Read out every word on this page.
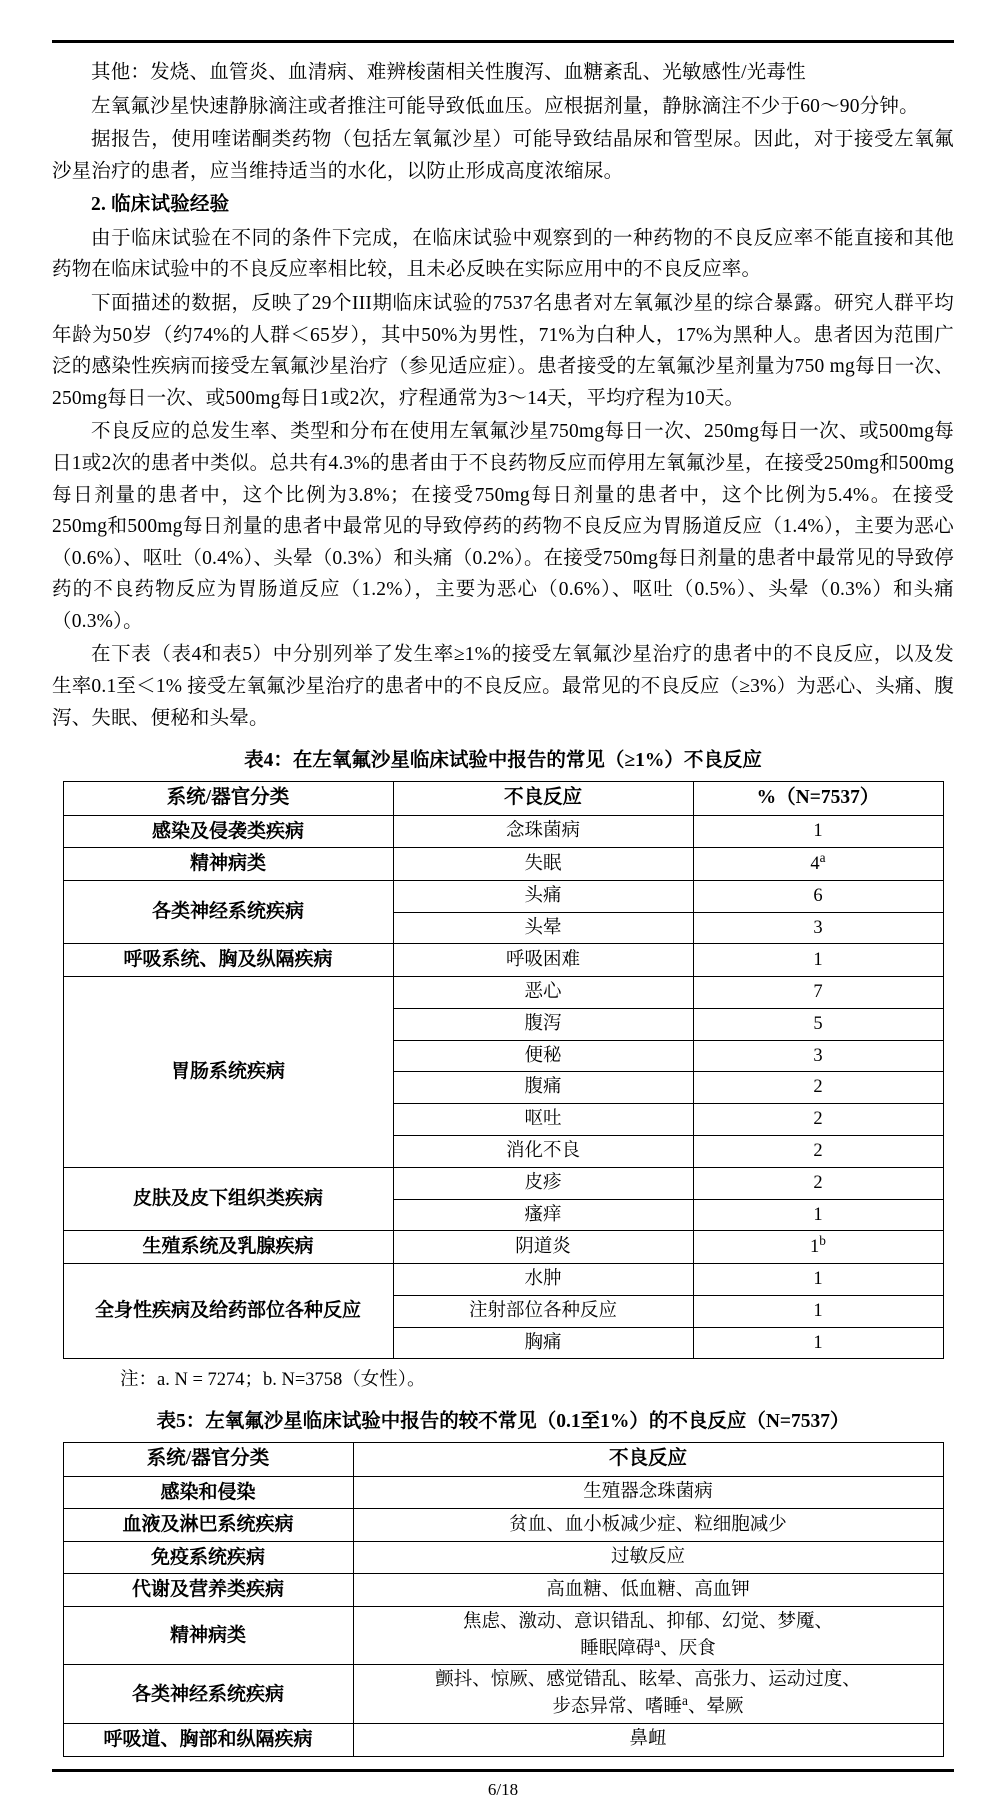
其他：发烧、血管炎、血清病、难辨梭菌相关性腹泻、血糖紊乱、光敏感性/光毒性

左氧氟沙星快速静脉滴注或者推注可能导致低血压。应根据剂量，静脉滴注不少于60～90分钟。

据报告，使用喹诺酮类药物（包括左氧氟沙星）可能导致结晶尿和管型尿。因此，对于接受左氧氟沙星治疗的患者，应当维持适当的水化，以防止形成高度浓缩尿。

2. 临床试验经验

由于临床试验在不同的条件下完成，在临床试验中观察到的一种药物的不良反应率不能直接和其他药物在临床试验中的不良反应率相比较，且未必反映在实际应用中的不良反应率。

下面描述的数据，反映了29个III期临床试验的7537名患者对左氧氟沙星的综合暴露。研究人群平均年龄为50岁（约74%的人群＜65岁），其中50%为男性，71%为白种人，17%为黑种人。患者因为范围广泛的感染性疾病而接受左氧氟沙星治疗（参见适应症）。患者接受的左氧氟沙星剂量为750 mg每日一次、250mg每日一次、或500mg每日1或2次，疗程通常为3～14天，平均疗程为10天。

不良反应的总发生率、类型和分布在使用左氧氟沙星750mg每日一次、250mg每日一次、或500mg每日1或2次的患者中类似。总共有4.3%的患者由于不良药物反应而停用左氧氟沙星，在接受250mg和500mg每日剂量的患者中，这个比例为3.8%；在接受750mg每日剂量的患者中，这个比例为5.4%。在接受250mg和500mg每日剂量的患者中最常见的导致停药的药物不良反应为胃肠道反应（1.4%），主要为恶心（0.6%）、呕吐（0.4%）、头晕（0.3%）和头痛（0.2%）。在接受750mg每日剂量的患者中最常见的导致停药的不良药物反应为胃肠道反应（1.2%），主要为恶心（0.6%）、呕吐（0.5%）、头晕（0.3%）和头痛（0.3%）。

在下表（表4和表5）中分别列举了发生率≥1%的接受左氧氟沙星治疗的患者中的不良反应，以及发生率0.1至＜1% 接受左氧氟沙星治疗的患者中的不良反应。最常见的不良反应（≥3%）为恶心、头痛、腹泻、失眠、便秘和头晕。

表4：在左氧氟沙星临床试验中报告的常见（≥1%）不良反应
系统/器官分类	不良反应	%（N=7537）
感染及侵袭类疾病	念珠菌病	1
精神病类	失眠	4$^a$
各类神经系统疾病	头痛	6
	头晕	3
呼吸系统、胸及纵隔疾病	呼吸困难	1
胃肠系统疾病	恶心	7
	腹泻	5
	便秘	3
	腹痛	2
	呕吐	2
	消化不良	2
皮肤及皮下组织类疾病	皮疹	2
	瘙痒	1
生殖系统及乳腺疾病	阴道炎	1$^b$
全身性疾病及给药部位各种反应	水肿	1
	注射部位各种反应	1
	胸痛	1
注：a. N = 7274；b. N=3758（女性）。
表5：左氧氟沙星临床试验中报告的较不常见（0.1至1%）的不良反应（N=7537）
系统/器官分类	不良反应
感染和侵染	生殖器念珠菌病
血液及淋巴系统疾病	贫血、血小板减少症、粒细胞减少
免疫系统疾病	过敏反应
代谢及营养类疾病	高血糖、低血糖、高血钾
精神病类	焦虑、激动、意识错乱、抑郁、幻觉、梦魇、
睡眠障碍$^a$、厌食
各类神经系统疾病	颤抖、惊厥、感觉错乱、眩晕、高张力、运动过度、
步态异常、嗜睡$^a$、晕厥
呼吸道、胸部和纵隔疾病	鼻衄
6/18
